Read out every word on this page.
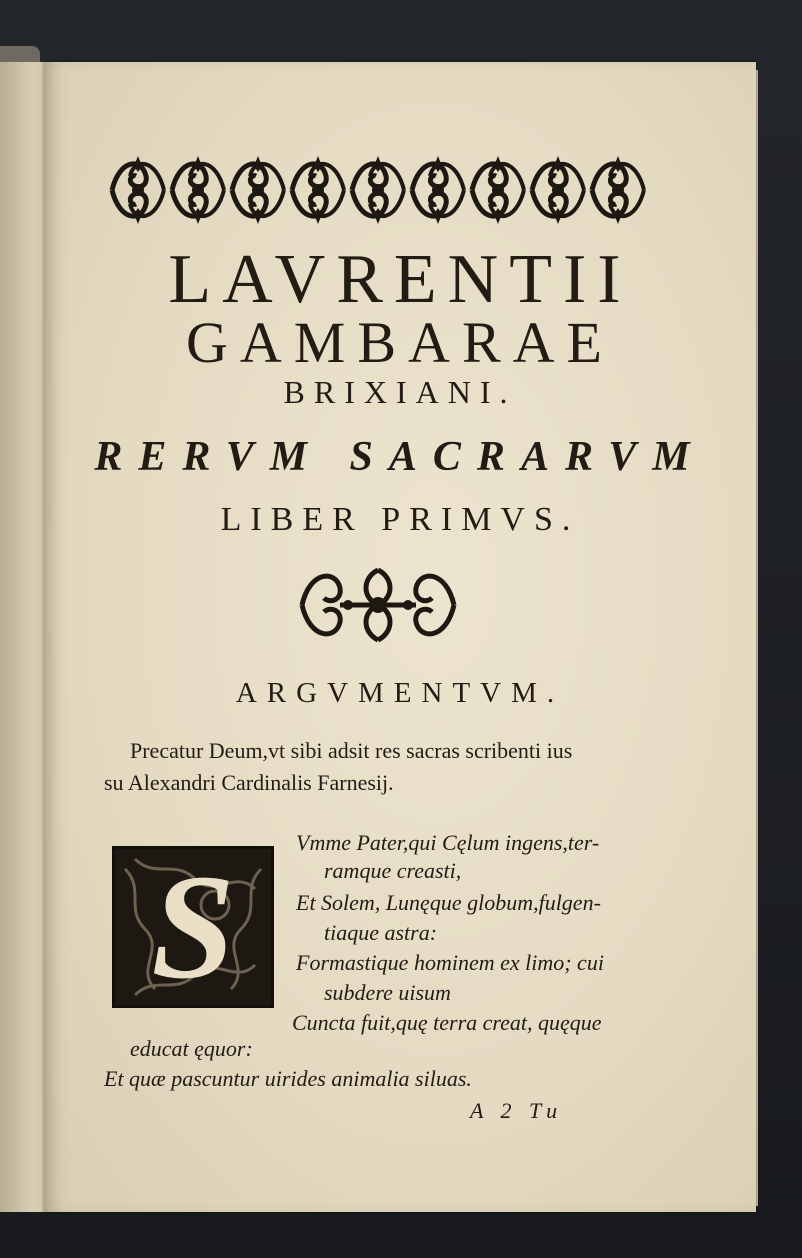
LAVRENTII
GAMBARAE
BRIXIANI.
RERVM SACRARVM
LIBER PRIMVS.
ARGVMENTVM.
Precatur Deum,vt sibi adsit res sacras scribenti ius
su Alexandri Cardinalis Farnesij.
S
Vmme Pater,qui Cęlum ingens,ter-
ramque creasti,
Et Solem, Lunęque globum,fulgen-
tiaque astra:
Formastique hominem ex limo; cui
subdere uisum
Cuncta fuit,quę terra creat, quęque
educat ęquor:
Et quæ pascuntur uirides animalia siluas.
A 2 Tu
